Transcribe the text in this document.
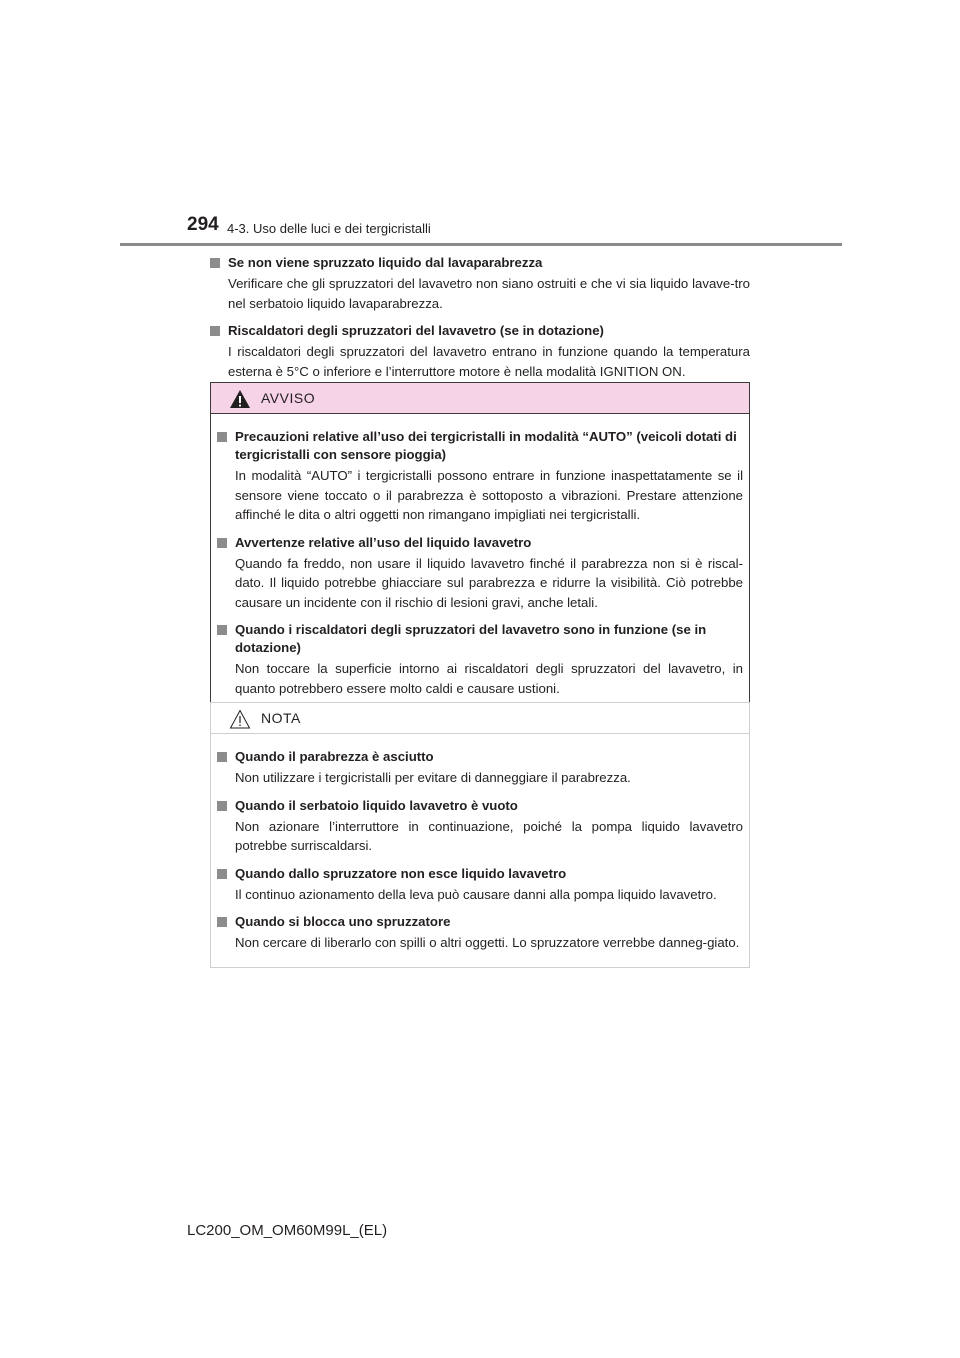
294 4-3. Uso delle luci e dei tergicristalli
Se non viene spruzzato liquido dal lavaparabrezza
Verificare che gli spruzzatori del lavavetro non siano ostruiti e che vi sia liquido lavave-tro nel serbatoio liquido lavaparabrezza.
Riscaldatori degli spruzzatori del lavavetro (se in dotazione)
I riscaldatori degli spruzzatori del lavavetro entrano in funzione quando la temperatura esterna è 5°C o inferiore e l’interruttore motore è nella modalità IGNITION ON.
AVVISO
Precauzioni relative all’uso dei tergicristalli in modalità “AUTO” (veicoli dotati di tergicristalli con sensore pioggia)
In modalità “AUTO” i tergicristalli possono entrare in funzione inaspettatamente se il sensore viene toccato o il parabrezza è sottoposto a vibrazioni. Prestare attenzione affinché le dita o altri oggetti non rimangano impigliati nei tergicristalli.
Avvertenze relative all’uso del liquido lavavetro
Quando fa freddo, non usare il liquido lavavetro finché il parabrezza non si è riscal-dato. Il liquido potrebbe ghiacciare sul parabrezza e ridurre la visibilità. Ciò potrebbe causare un incidente con il rischio di lesioni gravi, anche letali.
Quando i riscaldatori degli spruzzatori del lavavetro sono in funzione (se in dotazione)
Non toccare la superficie intorno ai riscaldatori degli spruzzatori del lavavetro, in quanto potrebbero essere molto caldi e causare ustioni.
NOTA
Quando il parabrezza è asciutto
Non utilizzare i tergicristalli per evitare di danneggiare il parabrezza.
Quando il serbatoio liquido lavavetro è vuoto
Non azionare l’interruttore in continuazione, poiché la pompa liquido lavavetro potrebbe surriscaldarsi.
Quando dallo spruzzatore non esce liquido lavavetro
Il continuo azionamento della leva può causare danni alla pompa liquido lavavetro.
Quando si blocca uno spruzzatore
Non cercare di liberarlo con spilli o altri oggetti. Lo spruzzatore verrebbe danneg-giato.
LC200_OM_OM60M99L_(EL)
